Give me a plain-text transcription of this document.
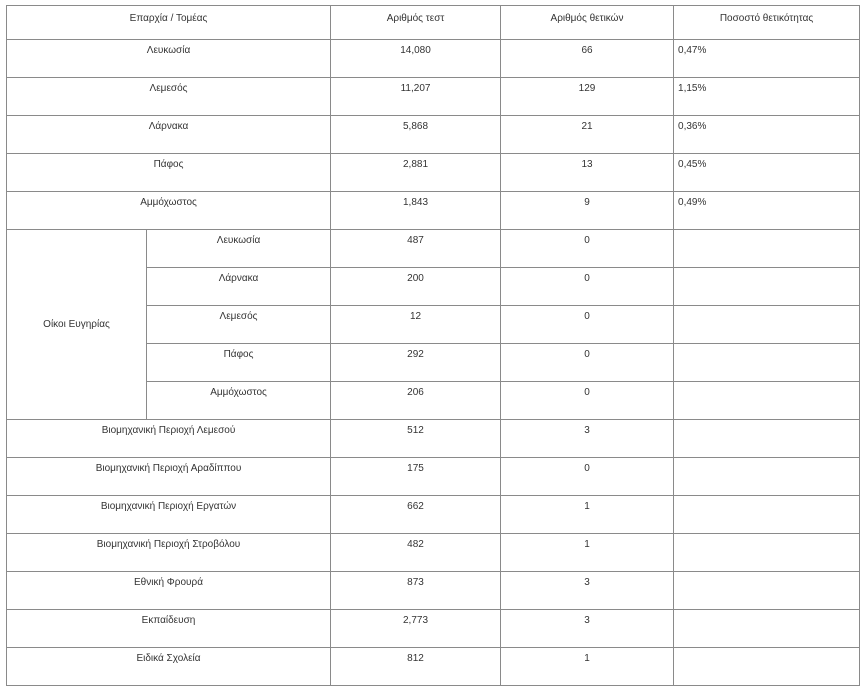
Επαρχία / Τομέας		Αριθμός τεστ	Αριθμός θετικών	Ποσοστό θετικότητας
Λευκωσία		14,080	66	0,47%
Λεμεσός		11,207	129	1,15%
Λάρνακα		5,868	21	0,36%
Πάφος		2,881	13	0,45%
Αμμόχωστος		1,843	9	0,49%
Οίκοι Ευγηρίας	Λευκωσία	487	0	
	Λάρνακα	200	0	
	Λεμεσός	12	0	
	Πάφος	292	0	
	Αμμόχωστος	206	0	
Βιομηχανική Περιοχή Λεμεσού		512	3	
Βιομηχανική Περιοχή Αραδίππου		175	0	
Βιομηχανική Περιοχή Εργατών		662	1	
Βιομηχανική Περιοχή Στροβόλου		482	1	
Εθνική Φρουρά		873	3	
Εκπαίδευση		2,773	3	
Ειδικά Σχολεία		812	1	
